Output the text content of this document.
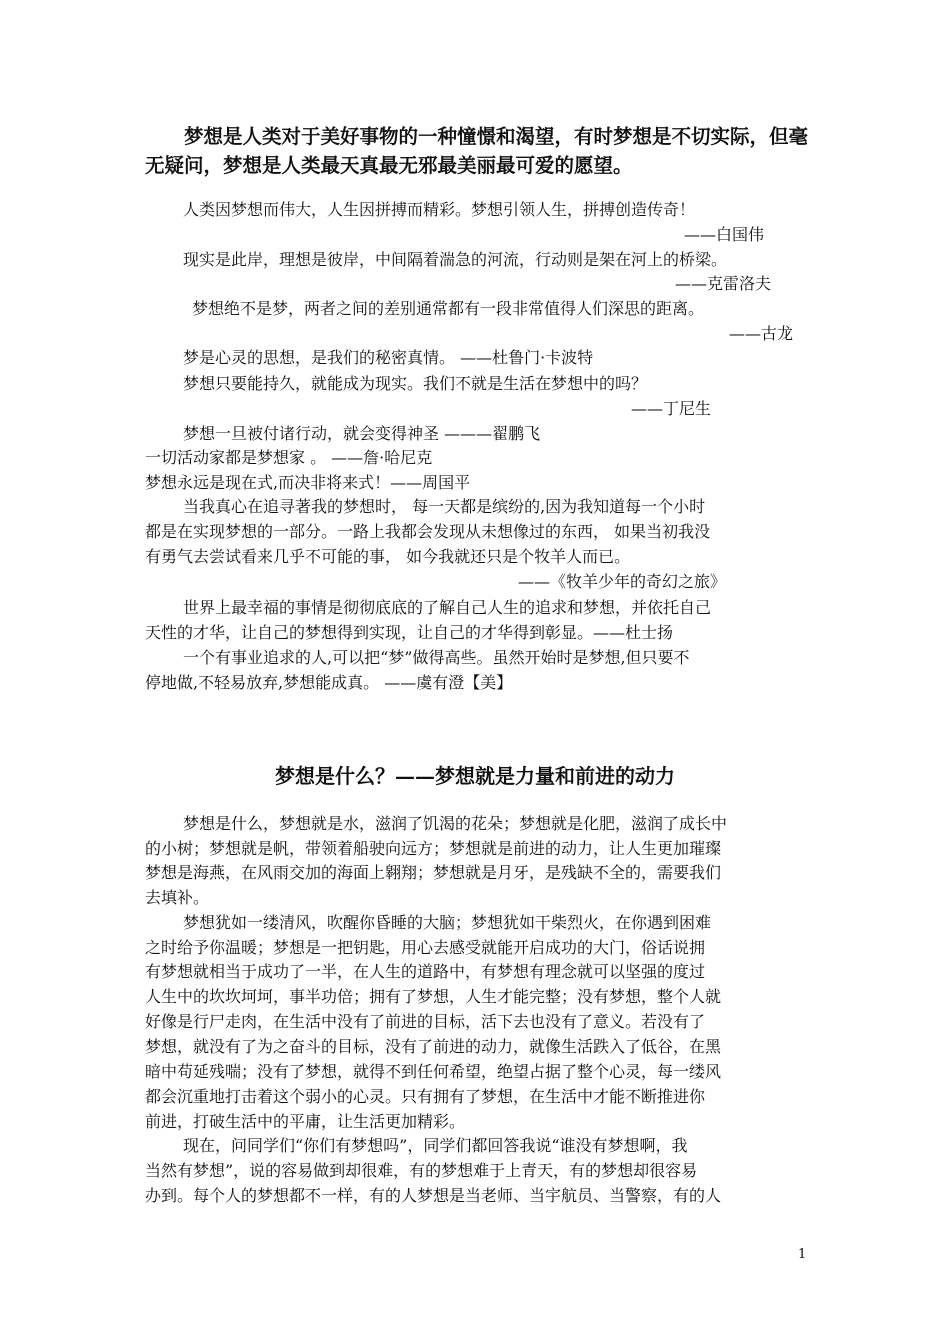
梦想是人类对于美好事物的一种憧憬和渴望，有时梦想是不切实际，但毫无疑问，梦想是人类最天真最无邪最美丽最可爱的愿望。

人类因梦想而伟大，人生因拼搏而精彩。梦想引领人生，拼搏创造传奇！
——白国伟
现实是此岸，理想是彼岸，中间隔着湍急的河流，行动则是架在河上的桥梁。
——克雷洛夫
梦想绝不是梦，两者之间的差别通常都有一段非常值得人们深思的距离。
——古龙
梦是心灵的思想，是我们的秘密真情。 ——杜鲁门·卡波特
梦想只要能持久，就能成为现实。我们不就是生活在梦想中的吗？
——丁尼生
梦想一旦被付诸行动，就会变得神圣 ———翟鹏飞
一切活动家都是梦想家 。 ——詹·哈尼克
梦想永远是现在式,而决非将来式！——周国平
当我真心在追寻著我的梦想时， 每一天都是缤纷的,因为我知道每一个小时
都是在实现梦想的一部分。一路上我都会发现从未想像过的东西， 如果当初我没
有勇气去尝试看来几乎不可能的事， 如今我就还只是个牧羊人而已。
——《牧羊少年的奇幻之旅》
世界上最幸福的事情是彻彻底底的了解自己人生的追求和梦想，并依托自己
天性的才华，让自己的梦想得到实现，让自己的才华得到彰显。——杜士扬
一个有事业追求的人,可以把“梦”做得高些。虽然开始时是梦想,但只要不
停地做,不轻易放弃,梦想能成真。 ——虞有澄【美】
梦想是什么？——梦想就是力量和前进的动力
梦想是什么，梦想就是水，滋润了饥渴的花朵；梦想就是化肥，滋润了成长中
的小树；梦想就是帆，带领着船驶向远方；梦想就是前进的动力，让人生更加璀璨
梦想是海燕，在风雨交加的海面上翱翔；梦想就是月牙，是残缺不全的，需要我们
去填补。
梦想犹如一缕清风，吹醒你昏睡的大脑；梦想犹如干柴烈火，在你遇到困难
之时给予你温暖；梦想是一把钥匙，用心去感受就能开启成功的大门，俗话说拥
有梦想就相当于成功了一半，在人生的道路中，有梦想有理念就可以坚强的度过
人生中的坎坎坷坷，事半功倍；拥有了梦想，人生才能完整；没有梦想，整个人就
好像是行尸走肉，在生活中没有了前进的目标，活下去也没有了意义。若没有了
梦想，就没有了为之奋斗的目标，没有了前进的动力，就像生活跌入了低谷，在黑
暗中苟延残喘；没有了梦想，就得不到任何希望，绝望占据了整个心灵，每一缕风
都会沉重地打击着这个弱小的心灵。只有拥有了梦想，在生活中才能不断推进你
前进，打破生活中的平庸，让生活更加精彩。
现在，问同学们“你们有梦想吗”，同学们都回答我说“谁没有梦想啊，我
当然有梦想”，说的容易做到却很难，有的梦想难于上青天，有的梦想却很容易
办到。每个人的梦想都不一样，有的人梦想是当老师、当宇航员、当警察，有的人
1
